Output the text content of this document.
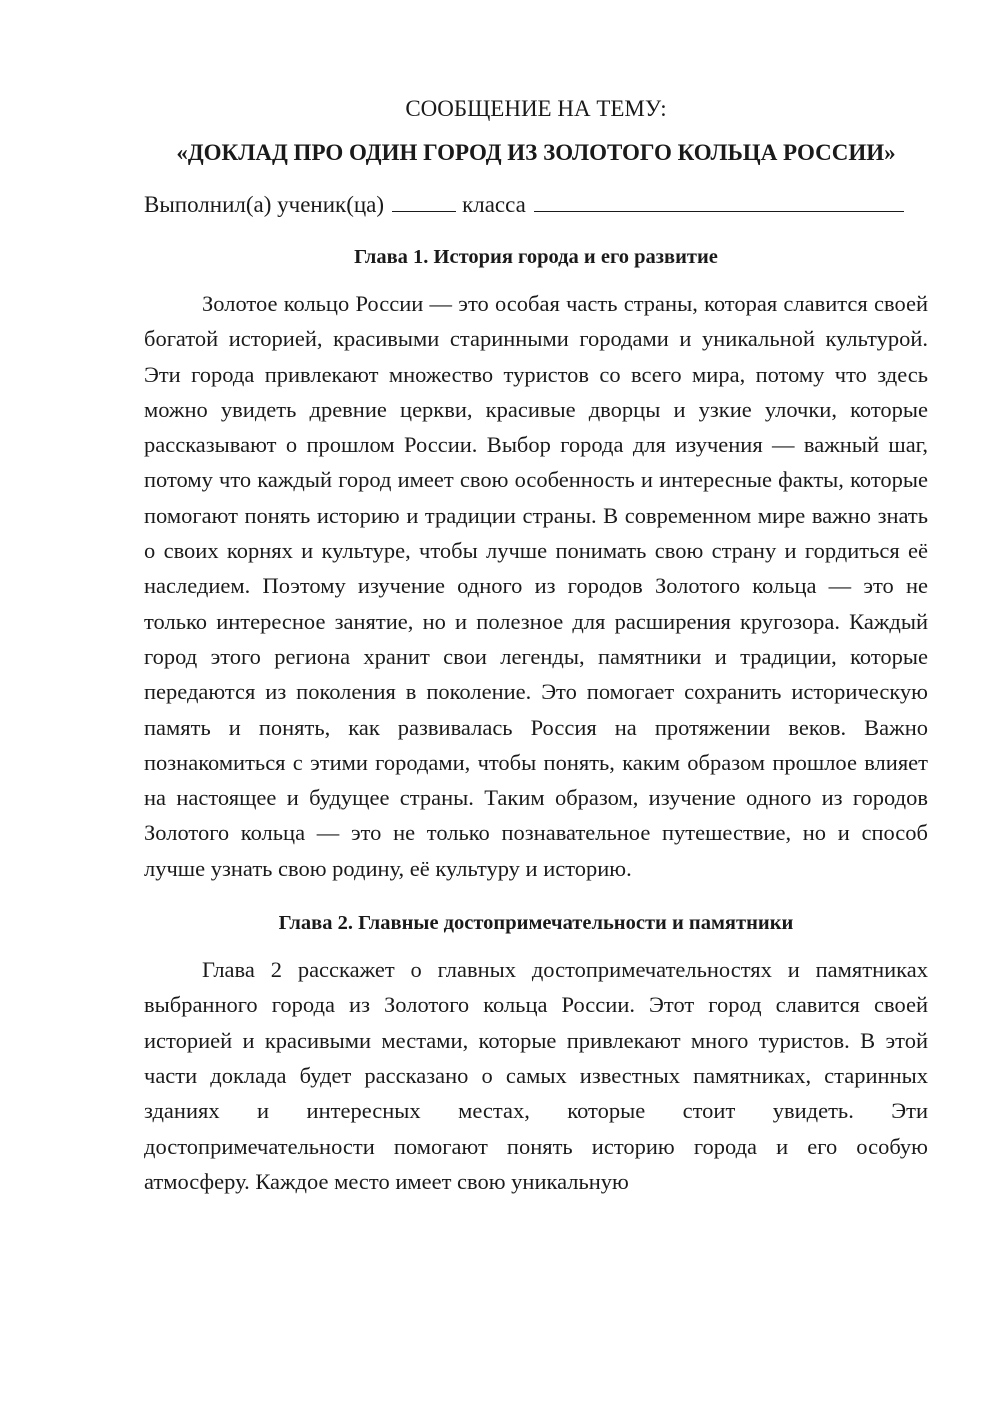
СООБЩЕНИЕ НА ТЕМУ:

«ДОКЛАД ПРО ОДИН ГОРОД ИЗ ЗОЛОТОГО КОЛЬЦА РОССИИ»

Выполнил(а) ученик(ца)	класса

Глава 1. История города и его развитие

Золотое кольцо России — это особая часть страны, которая славится своей богатой историей, красивыми старинными городами и уникальной культурой. Эти города привлекают множество туристов со всего мира, потому что здесь можно увидеть древние церкви, красивые дворцы и узкие улочки, которые рассказывают о прошлом России. Выбор города для изучения — важный шаг, потому что каждый город имеет свою особенность и интересные факты, которые помогают понять историю и традиции страны. В современном мире важно знать о своих корнях и культуре, чтобы лучше понимать свою страну и гордиться её наследием. Поэтому изучение одного из городов Золотого кольца — это не только интересное занятие, но и полезное для расширения кругозора. Каждый город этого региона хранит свои легенды, памятники и традиции, которые передаются из поколения в поколение. Это помогает сохранить историческую память и понять, как развивалась Россия на протяжении веков. Важно познакомиться с этими городами, чтобы понять, каким образом прошлое влияет на настоящее и будущее страны. Таким образом, изучение одного из городов Золотого кольца — это не только познавательное путешествие, но и способ лучше узнать свою родину, её культуру и историю.

Глава 2. Главные достопримечательности и памятники

Глава 2 расскажет о главных достопримечательностях и памятниках выбранного города из Золотого кольца России. Этот город славится своей историей и красивыми местами, которые привлекают много туристов. В этой части доклада будет рассказано о самых известных памятниках, старинных зданиях и интересных местах, которые стоит увидеть. Эти достопримечательности помогают понять историю города и его особую атмосферу. Каждое место имеет свою уникальную
